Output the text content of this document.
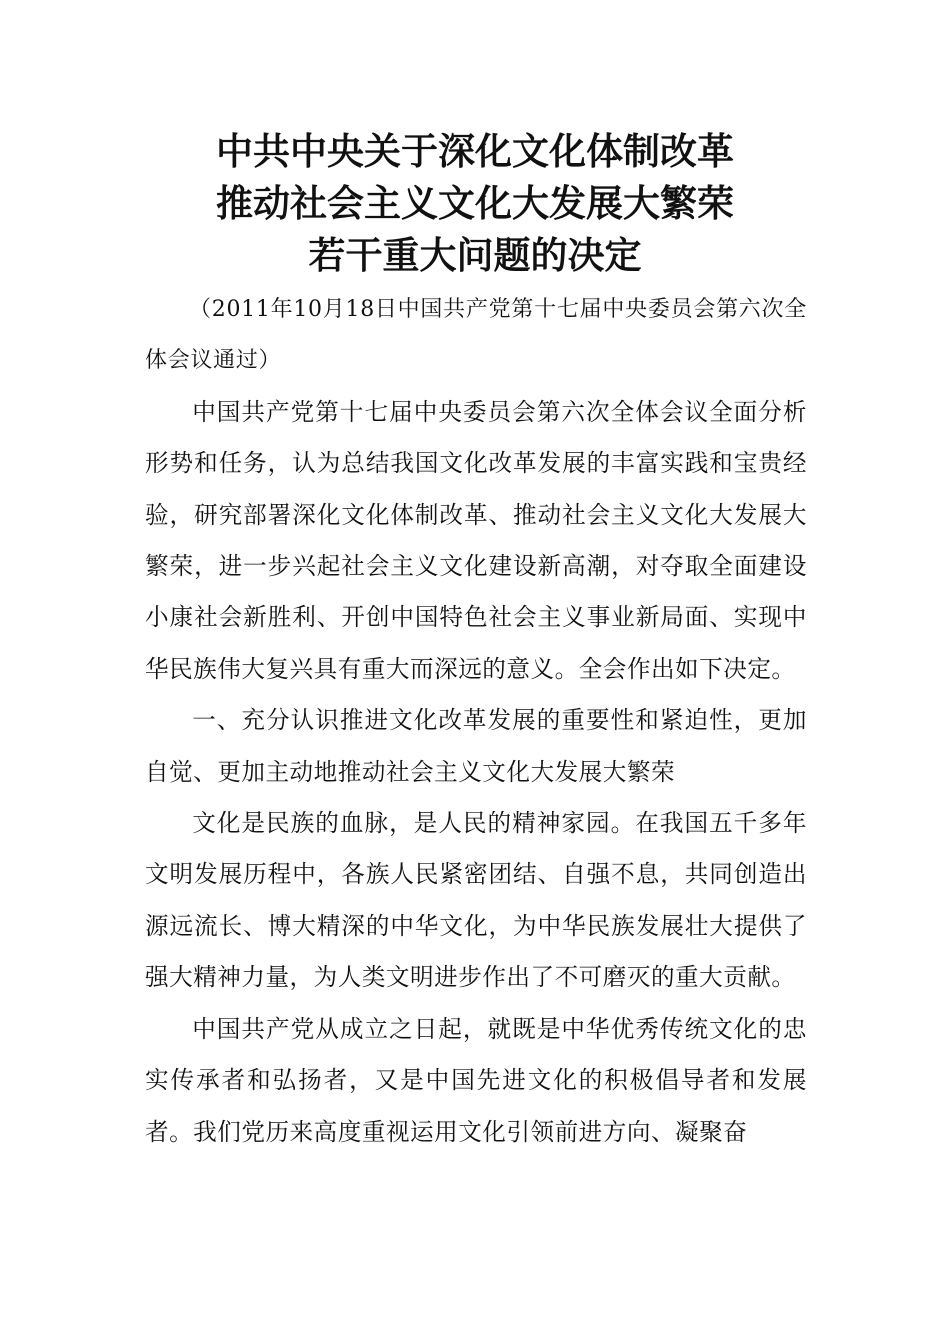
中共中央关于深化文化体制改革
推动社会主义文化大发展大繁荣
若干重大问题的决定

（2011年10月18日中国共产党第十七届中央委员会第六次全体会议通过）

中国共产党第十七届中央委员会第六次全体会议全面分析形势和任务，认为总结我国文化改革发展的丰富实践和宝贵经验，研究部署深化文化体制改革、推动社会主义文化大发展大繁荣，进一步兴起社会主义文化建设新高潮，对夺取全面建设小康社会新胜利、开创中国特色社会主义事业新局面、实现中华民族伟大复兴具有重大而深远的意义。全会作出如下决定。

一、充分认识推进文化改革发展的重要性和紧迫性，更加自觉、更加主动地推动社会主义文化大发展大繁荣

文化是民族的血脉，是人民的精神家园。在我国五千多年文明发展历程中，各族人民紧密团结、自强不息，共同创造出源远流长、博大精深的中华文化，为中华民族发展壮大提供了强大精神力量，为人类文明进步作出了不可磨灭的重大贡献。

中国共产党从成立之日起，就既是中华优秀传统文化的忠实传承者和弘扬者，又是中国先进文化的积极倡导者和发展者。我们党历来高度重视运用文化引领前进方向、凝聚奋
